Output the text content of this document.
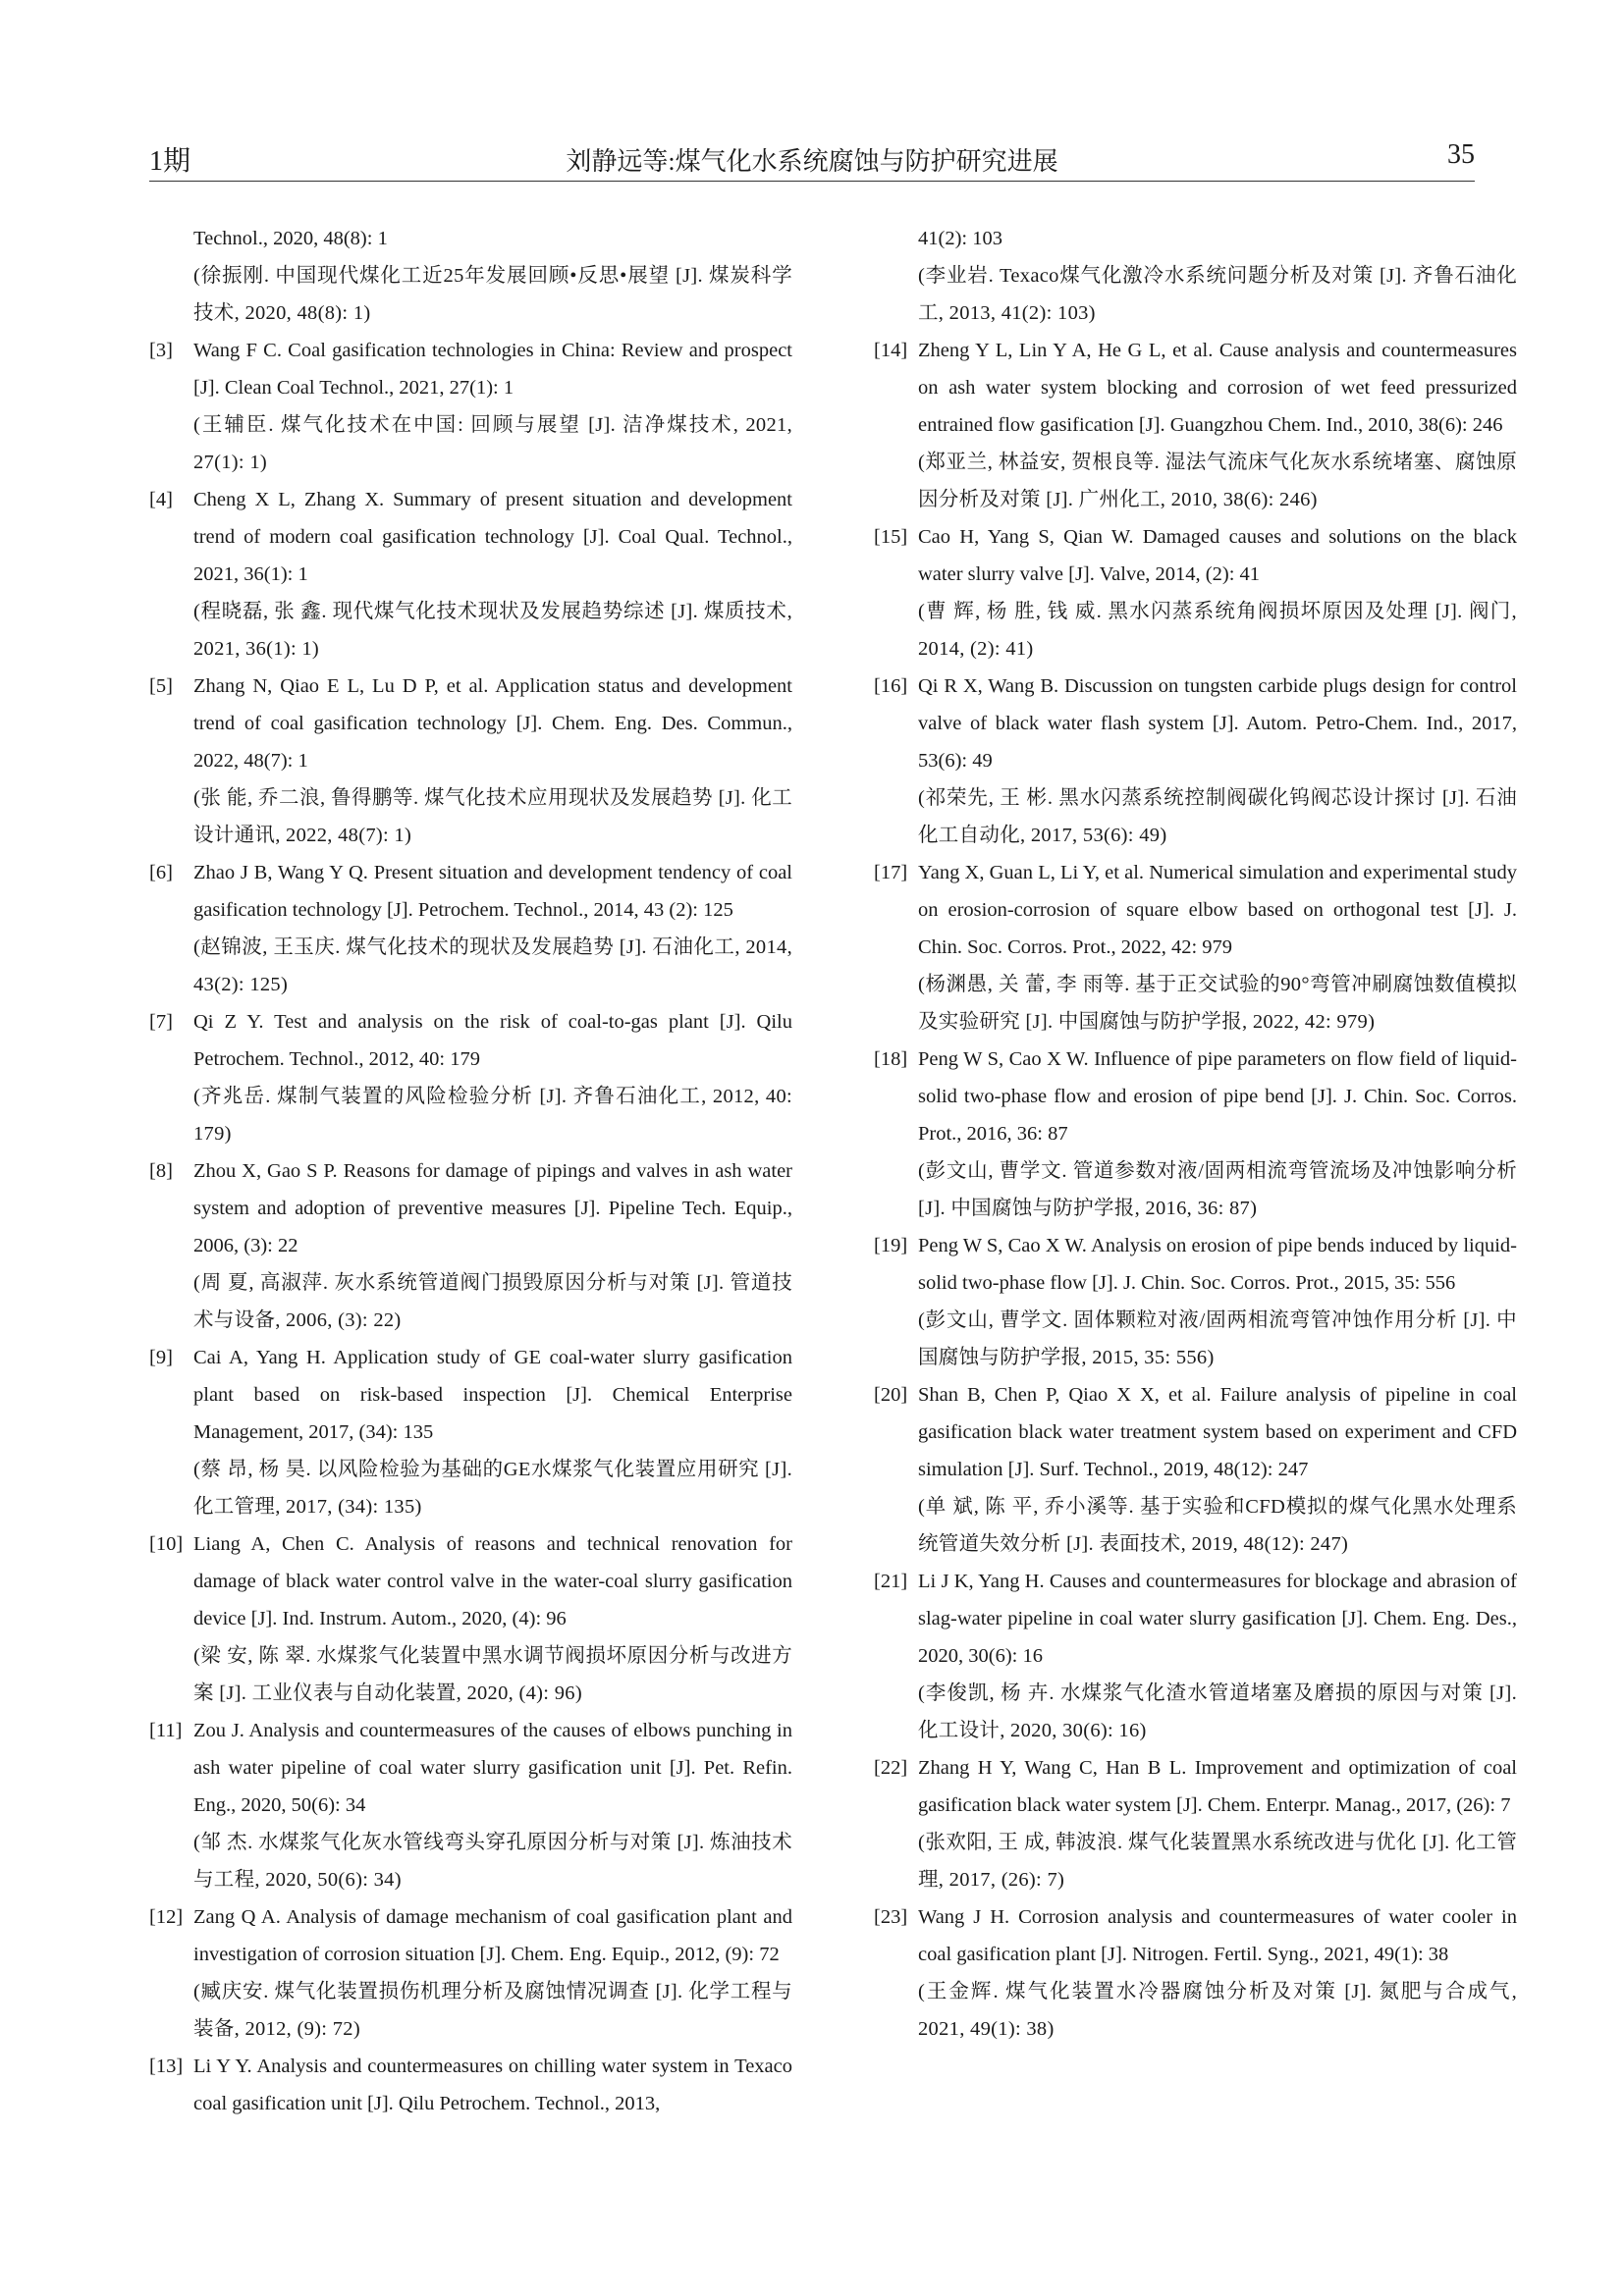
1期	刘静远等:煤气化水系统腐蚀与防护研究进展	35

Technol., 2020, 48(8): 1

(徐振刚. 中国现代煤化工近25年发展回顾•反思•展望 [J]. 煤炭科学技术, 2020, 48(8): 1)

[3] Wang F C. Coal gasification technologies in China: Review and prospect [J]. Clean Coal Technol., 2021, 27(1): 1

(王辅臣. 煤气化技术在中国: 回顾与展望 [J]. 洁净煤技术, 2021, 27(1): 1)

[4] Cheng X L, Zhang X. Summary of present situation and development trend of modern coal gasification technology [J]. Coal Qual. Technol., 2021, 36(1): 1

(程晓磊, 张 鑫. 现代煤气化技术现状及发展趋势综述 [J]. 煤质技术, 2021, 36(1): 1)

[5] Zhang N, Qiao E L, Lu D P, et al. Application status and development trend of coal gasification technology [J]. Chem. Eng. Des. Commun., 2022, 48(7): 1

(张 能, 乔二浪, 鲁得鹏等. 煤气化技术应用现状及发展趋势 [J]. 化工设计通讯, 2022, 48(7): 1)

[6] Zhao J B, Wang Y Q. Present situation and development tendency of coal gasification technology [J]. Petrochem. Technol., 2014, 43 (2): 125

(赵锦波, 王玉庆. 煤气化技术的现状及发展趋势 [J]. 石油化工, 2014, 43(2): 125)

[7] Qi Z Y. Test and analysis on the risk of coal-to-gas plant [J]. Qilu Petrochem. Technol., 2012, 40: 179

(齐兆岳. 煤制气装置的风险检验分析 [J]. 齐鲁石油化工, 2012, 40: 179)

[8] Zhou X, Gao S P. Reasons for damage of pipings and valves in ash water system and adoption of preventive measures [J]. Pipeline Tech. Equip., 2006, (3): 22

(周 夏, 高淑萍. 灰水系统管道阀门损毁原因分析与对策 [J]. 管道技术与设备, 2006, (3): 22)

[9] Cai A, Yang H. Application study of GE coal-water slurry gasification plant based on risk-based inspection [J]. Chemical Enterprise Management, 2017, (34): 135

(蔡 昂, 杨 昊. 以风险检验为基础的GE水煤浆气化装置应用研究 [J]. 化工管理, 2017, (34): 135)

[10] Liang A, Chen C. Analysis of reasons and technical renovation for damage of black water control valve in the water-coal slurry gasification device [J]. Ind. Instrum. Autom., 2020, (4): 96

(梁 安, 陈 翠. 水煤浆气化装置中黑水调节阀损坏原因分析与改进方案 [J]. 工业仪表与自动化装置, 2020, (4): 96)

[11] Zou J. Analysis and countermeasures of the causes of elbows punching in ash water pipeline of coal water slurry gasification unit [J]. Pet. Refin. Eng., 2020, 50(6): 34

(邹 杰. 水煤浆气化灰水管线弯头穿孔原因分析与对策 [J]. 炼油技术与工程, 2020, 50(6): 34)

[12] Zang Q A. Analysis of damage mechanism of coal gasification plant and investigation of corrosion situation [J]. Chem. Eng. Equip., 2012, (9): 72

(臧庆安. 煤气化装置损伤机理分析及腐蚀情况调查 [J]. 化学工程与装备, 2012, (9): 72)

[13] Li Y Y. Analysis and countermeasures on chilling water system in Texaco coal gasification unit [J]. Qilu Petrochem. Technol., 2013,

41(2): 103

(李业岩. Texaco煤气化激冷水系统问题分析及对策 [J]. 齐鲁石油化工, 2013, 41(2): 103)

[14] Zheng Y L, Lin Y A, He G L, et al. Cause analysis and countermeasures on ash water system blocking and corrosion of wet feed pressurized entrained flow gasification [J]. Guangzhou Chem. Ind., 2010, 38(6): 246

(郑亚兰, 林益安, 贺根良等. 湿法气流床气化灰水系统堵塞、腐蚀原因分析及对策 [J]. 广州化工, 2010, 38(6): 246)

[15] Cao H, Yang S, Qian W. Damaged causes and solutions on the black water slurry valve [J]. Valve, 2014, (2): 41

(曹 辉, 杨 胜, 钱 威. 黑水闪蒸系统角阀损坏原因及处理 [J]. 阀门, 2014, (2): 41)

[16] Qi R X, Wang B. Discussion on tungsten carbide plugs design for control valve of black water flash system [J]. Autom. Petro-Chem. Ind., 2017, 53(6): 49

(祁荣先, 王 彬. 黑水闪蒸系统控制阀碳化钨阀芯设计探讨 [J]. 石油化工自动化, 2017, 53(6): 49)

[17] Yang X, Guan L, Li Y, et al. Numerical simulation and experimental study on erosion-corrosion of square elbow based on orthogonal test [J]. J. Chin. Soc. Corros. Prot., 2022, 42: 979

(杨渊愚, 关 蕾, 李 雨等. 基于正交试验的90°弯管冲刷腐蚀数值模拟及实验研究 [J]. 中国腐蚀与防护学报, 2022, 42: 979)

[18] Peng W S, Cao X W. Influence of pipe parameters on flow field of liquid-solid two-phase flow and erosion of pipe bend [J]. J. Chin. Soc. Corros. Prot., 2016, 36: 87

(彭文山, 曹学文. 管道参数对液/固两相流弯管流场及冲蚀影响分析 [J]. 中国腐蚀与防护学报, 2016, 36: 87)

[19] Peng W S, Cao X W. Analysis on erosion of pipe bends induced by liquid-solid two-phase flow [J]. J. Chin. Soc. Corros. Prot., 2015, 35: 556

(彭文山, 曹学文. 固体颗粒对液/固两相流弯管冲蚀作用分析 [J]. 中国腐蚀与防护学报, 2015, 35: 556)

[20] Shan B, Chen P, Qiao X X, et al. Failure analysis of pipeline in coal gasification black water treatment system based on experiment and CFD simulation [J]. Surf. Technol., 2019, 48(12): 247

(单 斌, 陈 平, 乔小溪等. 基于实验和CFD模拟的煤气化黑水处理系统管道失效分析 [J]. 表面技术, 2019, 48(12): 247)

[21] Li J K, Yang H. Causes and countermeasures for blockage and abrasion of slag-water pipeline in coal water slurry gasification [J]. Chem. Eng. Des., 2020, 30(6): 16

(李俊凯, 杨 卉. 水煤浆气化渣水管道堵塞及磨损的原因与对策 [J]. 化工设计, 2020, 30(6): 16)

[22] Zhang H Y, Wang C, Han B L. Improvement and optimization of coal gasification black water system [J]. Chem. Enterpr. Manag., 2017, (26): 7

(张欢阳, 王 成, 韩波浪. 煤气化装置黑水系统改进与优化 [J]. 化工管理, 2017, (26): 7)

[23] Wang J H. Corrosion analysis and countermeasures of water cooler in coal gasification plant [J]. Nitrogen. Fertil. Syng., 2021, 49(1): 38

(王金辉. 煤气化装置水冷器腐蚀分析及对策 [J]. 氮肥与合成气, 2021, 49(1): 38)
